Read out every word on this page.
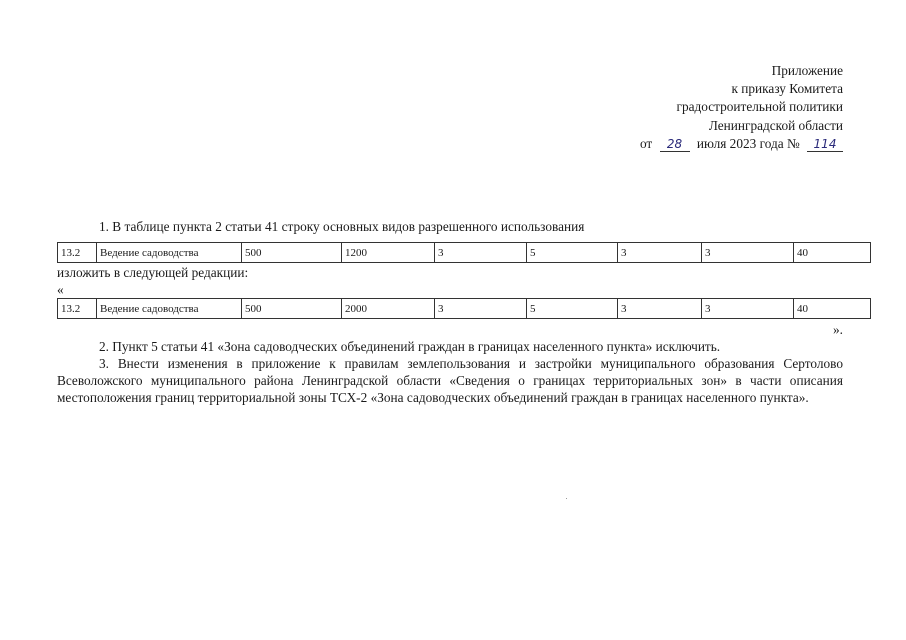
Приложение
к приказу Комитета
градостроительной политики
Ленинградской области
от 28 июля 2023 года № 114
1. В таблице пункта 2 статьи 41 строку основных видов разрешенного использования
13.2	Ведение садоводства	500	1200	3	5	3	3	40
изложить в следующей редакции:
«
13.2	Ведение садоводства	500	2000	3	5	3	3	40
».
2. Пункт 5 статьи 41 «Зона садоводческих объединений граждан в границах населенного пункта» исключить.
3. Внести изменения в приложение к правилам землепользования и застройки муниципального образования Сертолово Всеволожского муниципального района Ленинградской области «Сведения о границах территориальных зон» в части описания местоположения границ территориальной зоны ТСХ-2 «Зона садоводческих объединений граждан в границах населенного пункта».
